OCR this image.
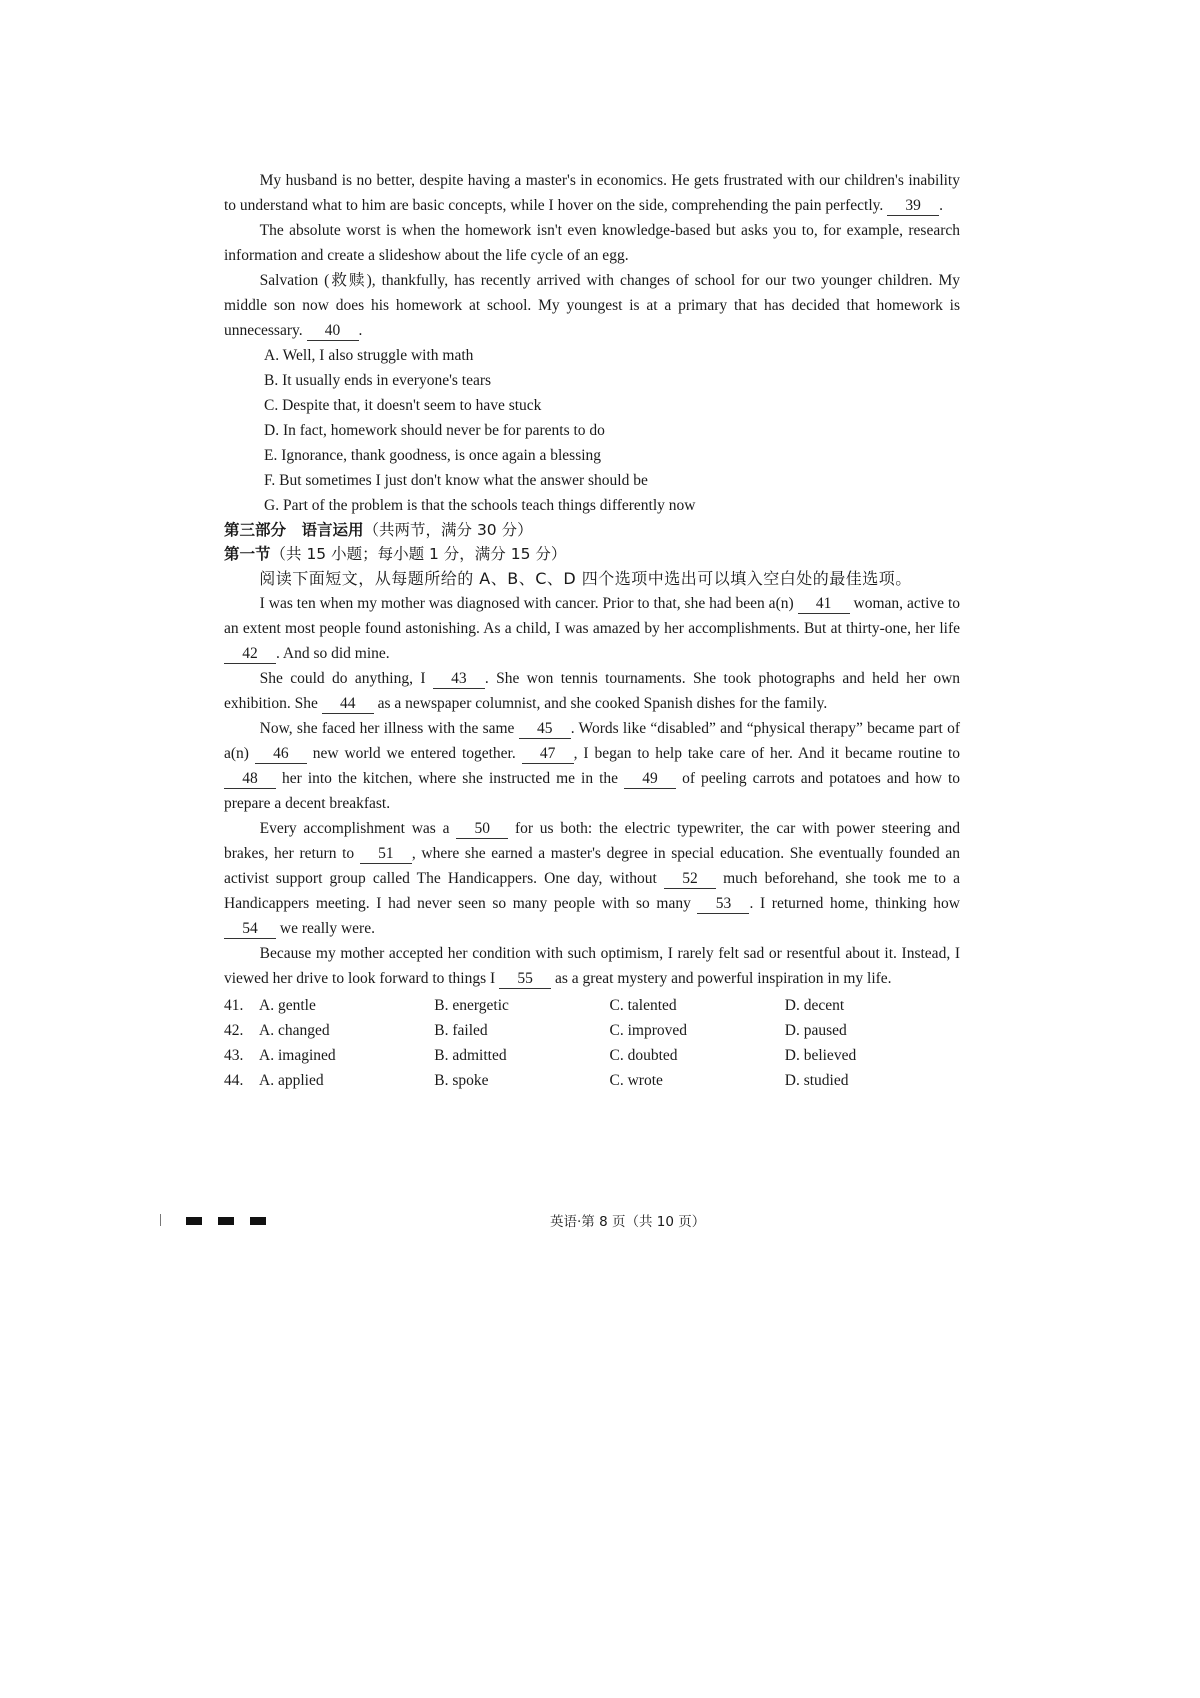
My husband is no better, despite having a master's in economics. He gets frustrated with our children's inability to understand what to him are basic concepts, while I hover on the side, comprehending the pain perfectly. 39 .

The absolute worst is when the homework isn't even knowledge-based but asks you to, for example, research information and create a slideshow about the life cycle of an egg.

Salvation (救赎), thankfully, has recently arrived with changes of school for our two younger children. My middle son now does his homework at school. My youngest is at a primary that has decided that homework is unnecessary. 40 .

A. Well, I also struggle with math

B. It usually ends in everyone's tears

C. Despite that, it doesn't seem to have stuck

D. In fact, homework should never be for parents to do

E. Ignorance, thank goodness, is once again a blessing

F. But sometimes I just don't know what the answer should be

G. Part of the problem is that the schools teach things differently now

第三部分　语言运用（共两节，满分 30 分）

第一节（共 15 小题；每小题 1 分，满分 15 分）

阅读下面短文，从每题所给的 A、B、C、D 四个选项中选出可以填入空白处的最佳选项。

I was ten when my mother was diagnosed with cancer. Prior to that, she had been a(n) 41 woman, active to an extent most people found astonishing. As a child, I was amazed by her accomplishments. But at thirty-one, her life 42 . And so did mine.

She could do anything, I 43 . She won tennis tournaments. She took photographs and held her own exhibition. She 44 as a newspaper columnist, and she cooked Spanish dishes for the family.

Now, she faced her illness with the same 45 . Words like “disabled” and “physical therapy” became part of a(n) 46 new world we entered together. 47 , I began to help take care of her. And it became routine to 48 her into the kitchen, where she instructed me in the 49 of peeling carrots and potatoes and how to prepare a decent breakfast.

Every accomplishment was a 50 for us both: the electric typewriter, the car with power steering and brakes, her return to 51 , where she earned a master's degree in special education. She eventually founded an activist support group called The Handicappers. One day, without 52 much beforehand, she took me to a Handicappers meeting. I had never seen so many people with so many 53 . I returned home, thinking how 54 we really were.

Because my mother accepted her condition with such optimism, I rarely felt sad or resentful about it. Instead, I viewed her drive to look forward to things I 55 as a great mystery and powerful inspiration in my life.

41.	A. gentle	B. energetic	C. talented	D. decent
42.	A. changed	B. failed	C. improved	D. paused
43.	A. imagined	B. admitted	C. doubted	D. believed
44.	A. applied	B. spoke	C. wrote	D. studied
英语·第 8 页（共 10 页）
